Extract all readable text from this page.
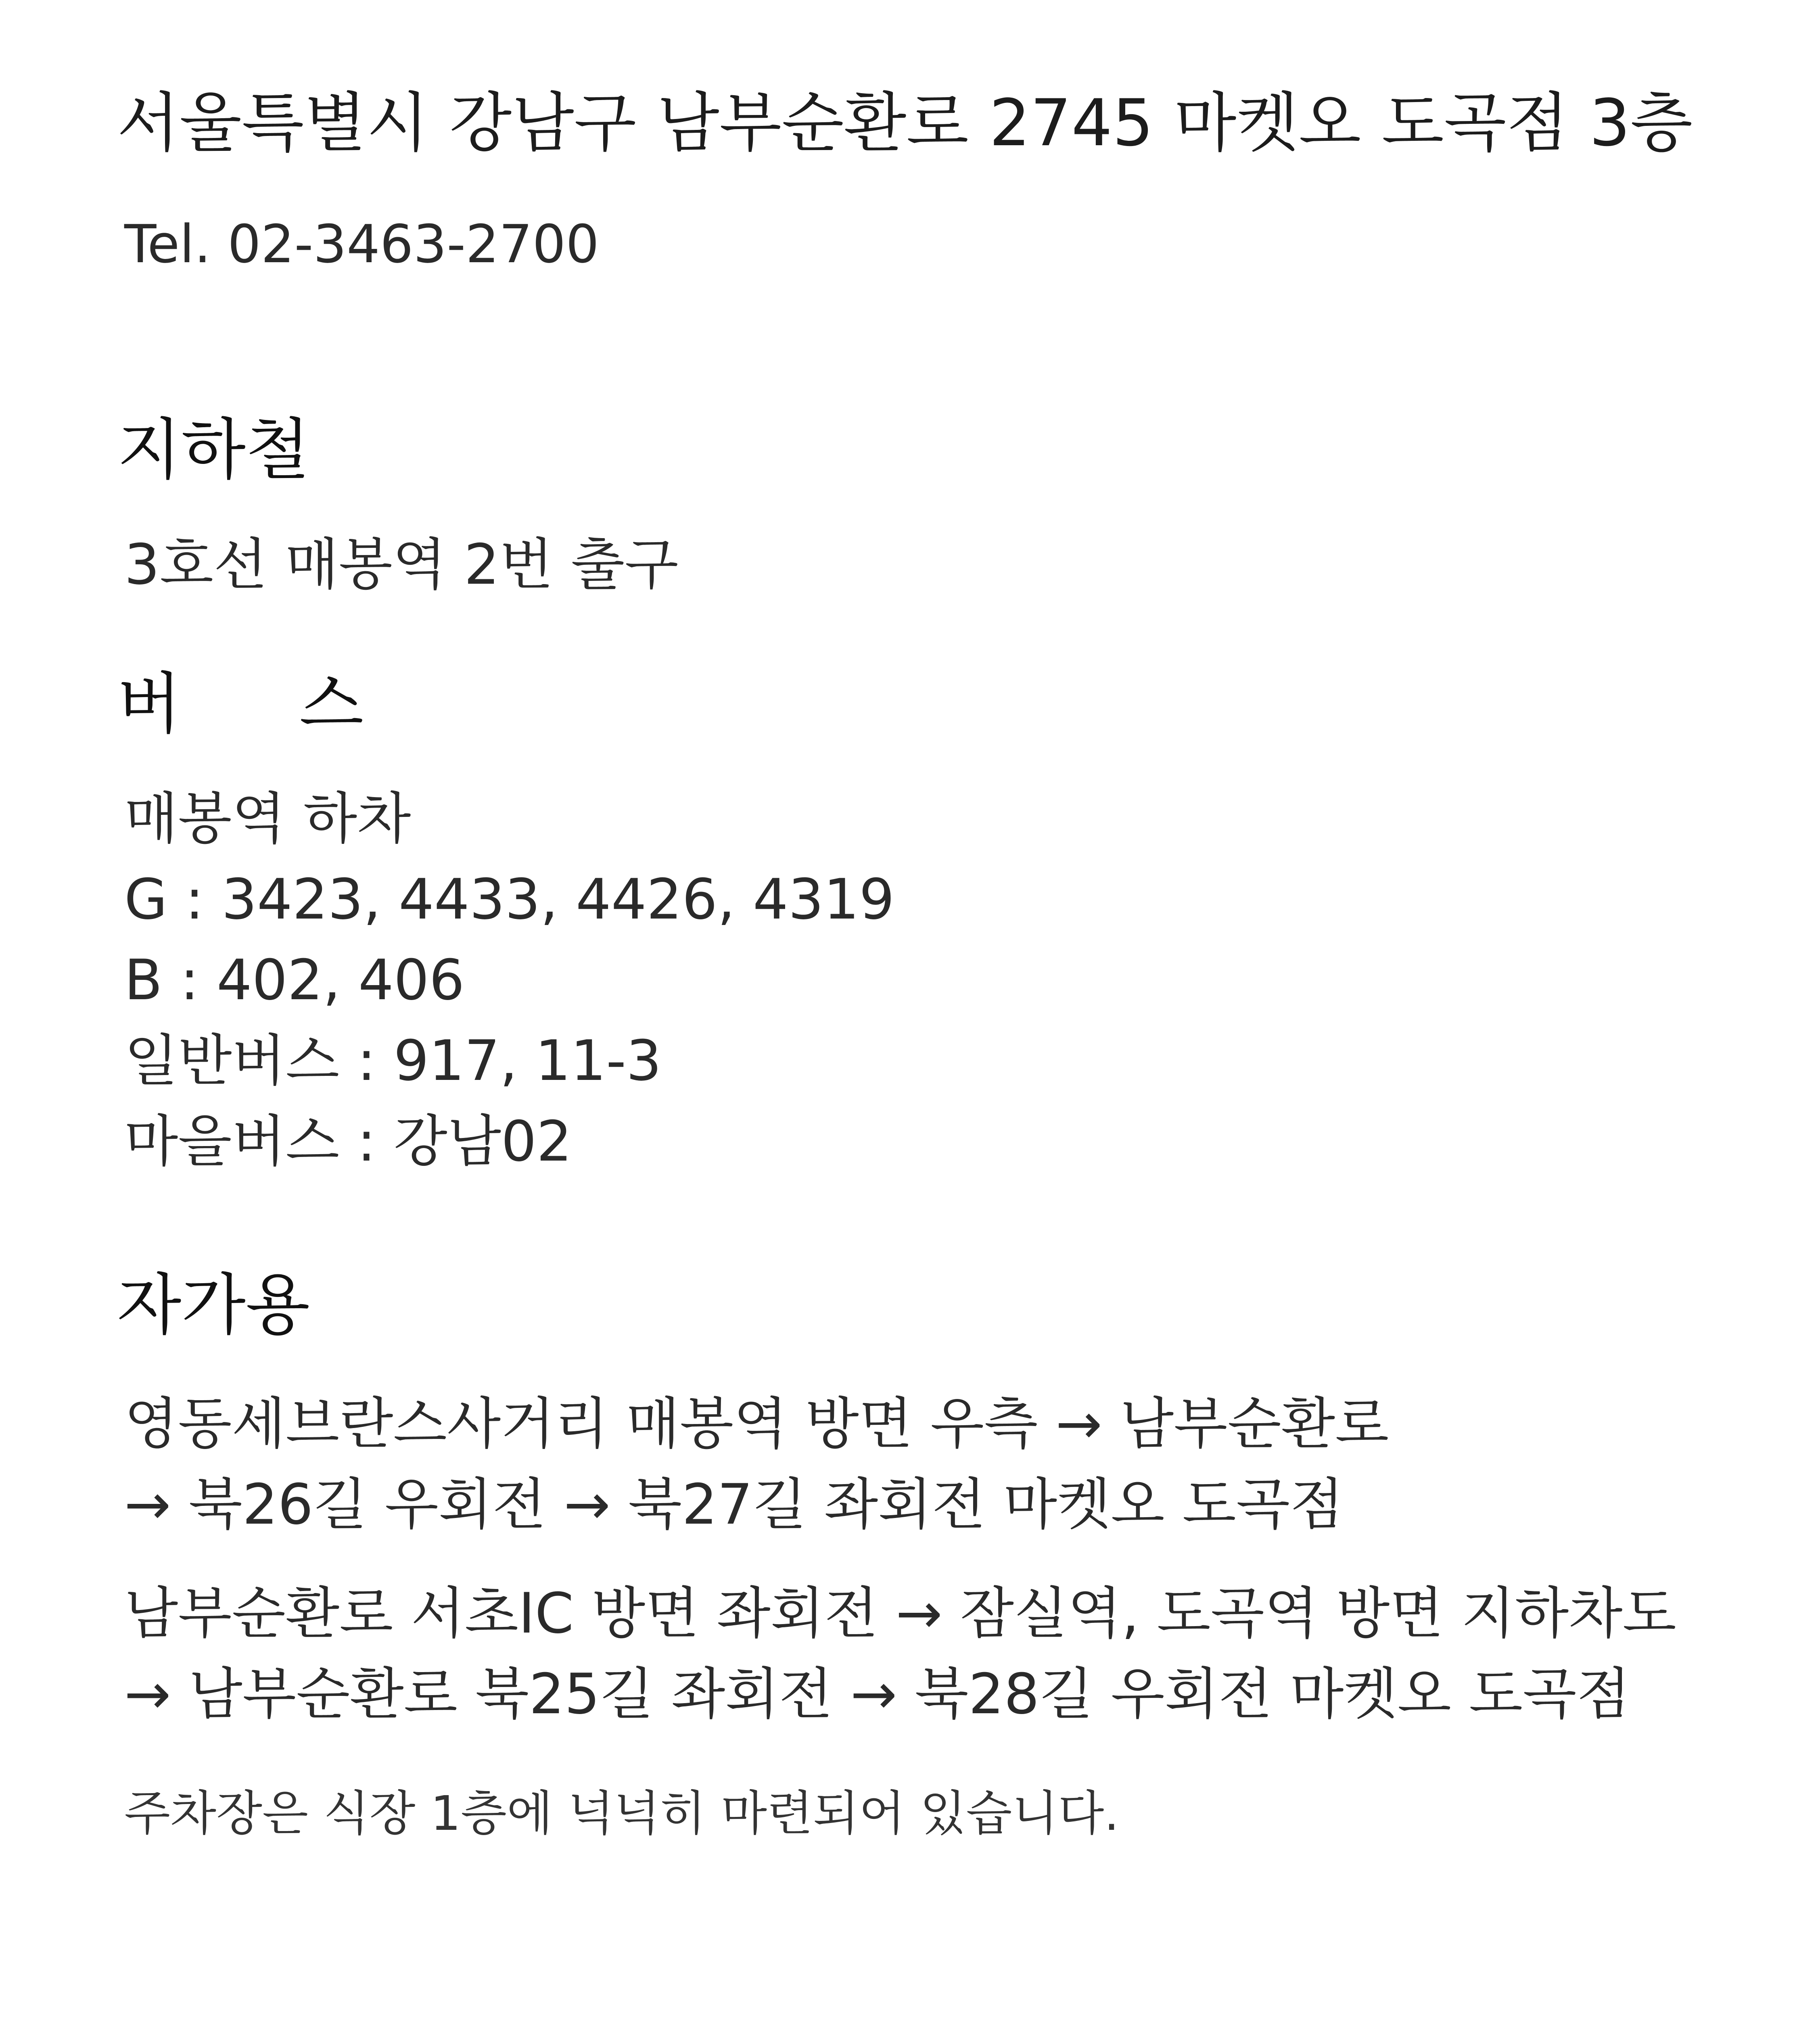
서울특별시 강남구 남부순환로 2745 마켓오 도곡점 3층
Tel. 02-3463-2700
지하철
3호선 매봉역 2번 출구
버 스
매봉역 하차
G : 3423, 4433, 4426, 4319
B : 402, 406
일반버스 : 917, 11-3
마을버스 : 강남02
자가용
영동세브란스사거리 매봉역 방면 우측 → 남부순환로
→ 북26길 우회전 → 북27길 좌회전 마켓오 도곡점
남부순환로 서초IC 방면 좌회전 → 잠실역, 도곡역 방면 지하차도
→ 남부순환로 북25길 좌회전 → 북28길 우회전 마켓오 도곡점
주차장은 식장 1층에 넉넉히 마련되어 있습니다.
